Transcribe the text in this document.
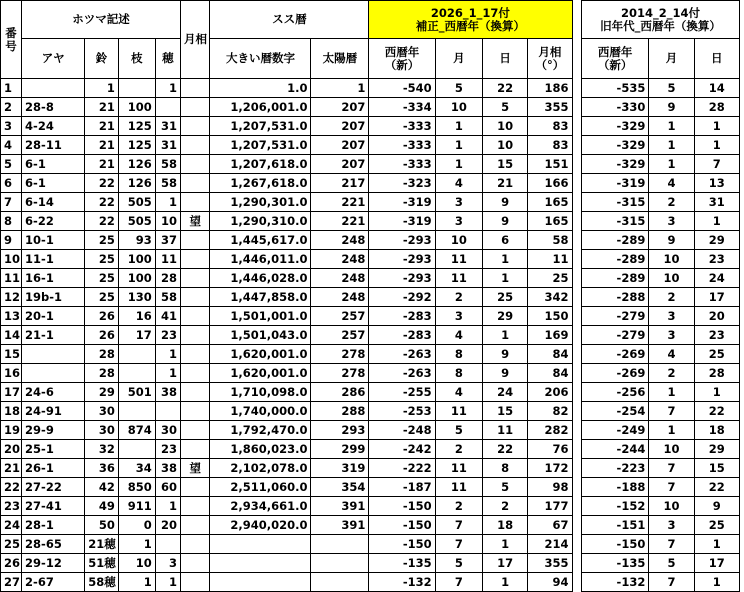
番号	ホツマ記述				月相	スス暦		2026_1_17付
補正_西暦年（換算）					2014_2_14付
旧年代_西暦年（換算）		
	アヤ	鈴	枝	穂		大きい暦数字	太陽暦	西暦年
（新）	月	日	月相
（°）		西暦年
（新）	月	日
1		1		1		1.0	1	-540	5	22	186		-535	5	14
2	28-8	21	100			1,206,001.0	207	-334	10	5	355		-330	9	28
3	4-24	21	125	31		1,207,531.0	207	-333	1	10	83		-329	1	1
4	28-11	21	125	31		1,207,531.0	207	-333	1	10	83		-329	1	1
5	6-1	21	126	58		1,207,618.0	207	-333	1	15	151		-329	1	7
6	6-1	22	126	58		1,267,618.0	217	-323	4	21	166		-319	4	13
7	6-14	22	505	1		1,290,301.0	221	-319	3	9	165		-315	2	31
8	6-22	22	505	10	望	1,290,310.0	221	-319	3	9	165		-315	3	1
9	10-1	25	93	37		1,445,617.0	248	-293	10	6	58		-289	9	29
10	11-1	25	100	11		1,446,011.0	248	-293	11	1	11		-289	10	23
11	16-1	25	100	28		1,446,028.0	248	-293	11	1	25		-289	10	24
12	19b-1	25	130	58		1,447,858.0	248	-292	2	25	342		-288	2	17
13	20-1	26	16	41		1,501,001.0	257	-283	3	29	150		-279	3	20
14	21-1	26	17	23		1,501,043.0	257	-283	4	1	169		-279	3	23
15		28		1		1,620,001.0	278	-263	8	9	84		-269	4	25
16		28		1		1,620,001.0	278	-263	8	9	84		-269	2	28
17	24-6	29	501	38		1,710,098.0	286	-255	4	24	206		-256	1	1
18	24-91	30				1,740,000.0	288	-253	11	15	82		-254	7	22
19	29-9	30	874	30		1,792,470.0	293	-248	5	11	282		-249	1	18
20	25-1	32		23		1,860,023.0	299	-242	2	22	76		-244	10	29
21	26-1	36	34	38	望	2,102,078.0	319	-222	11	8	172		-223	7	15
22	27-22	42	850	60		2,511,060.0	354	-187	11	5	98		-188	7	22
23	27-41	49	911	1		2,934,661.0	391	-150	2	2	177		-152	10	9
24	28-1	50	0	20		2,940,020.0	391	-150	7	18	67		-151	3	25
25	28-65	21穂	1					-150	7	1	214		-150	7	1
26	29-12	51穂	10	3				-135	5	17	355		-135	5	17
27	2-67	58穂	1	1				-132	7	1	94		-132	7	1
